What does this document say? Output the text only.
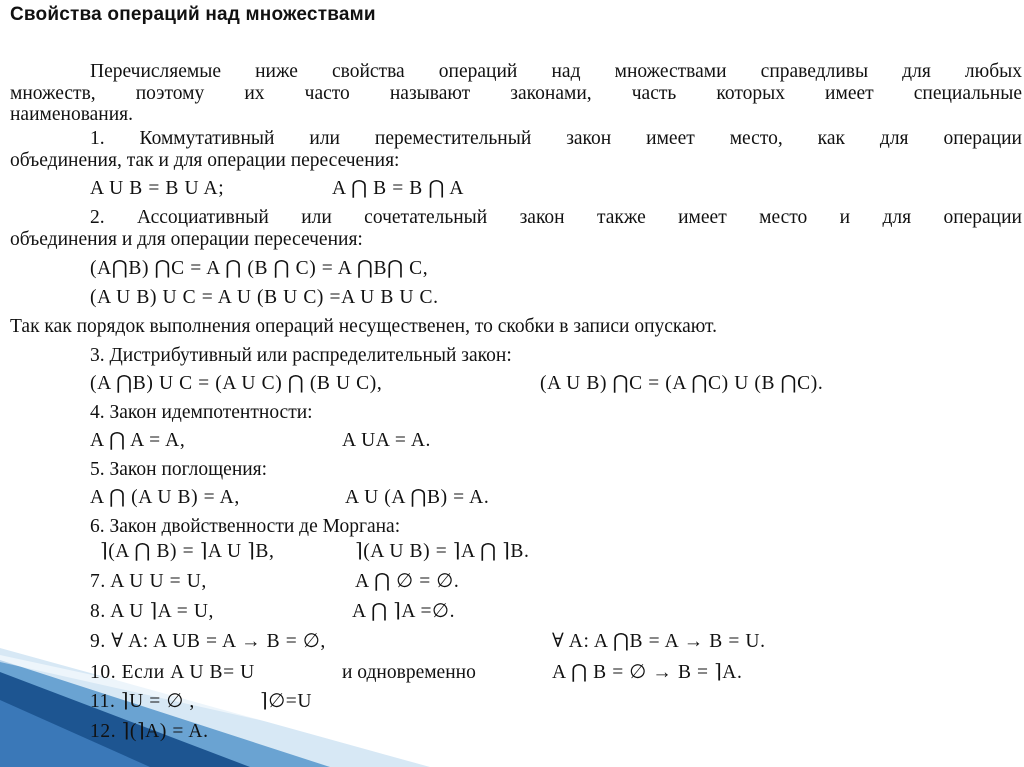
Свойства операций над множествами

Перечисляемые ниже свойства операций над множествами справедливы для любых

множеств, поэтому их часто называют законами, часть которых имеет специальные

наименования.

1. Коммутативный или переместительный закон имеет место, как для операции

объединения, так и для операции пересечения:

A U B = B U A;	A ⋂ B = B ⋂ A

2. Ассоциативный или сочетательный закон также имеет место и для операции

объединения и для операции пересечения:

(A⋂B) ⋂C = A ⋂ (B ⋂ C) = A ⋂B⋂ C,

(A U B) U C = A U (B U C) =A U B U C.

Так как порядок выполнения операций несущественен, то скобки в записи опускают.

3. Дистрибутивный или распределительный закон:

(A ⋂B) U C = (A U C) ⋂ (B U C),	(A U B) ⋂C = (A ⋂C) U (B ⋂C).

4. Закон идемпотентности:

A ⋂ A = A,	A UA = A.

5. Закон поглощения:

A ⋂ (A U B) = A,	A U (A ⋂B) = A.

6. Закон двойственности де Моргана:

⌉(A ⋂ B) = ⌉A U ⌉B,	⌉(A U B) = ⌉A ⋂ ⌉B.

7. A U U = U,	A ⋂ ∅ = ∅.

8. A U ⌉A = U,	A ⋂ ⌉A =∅.

9. ∀ A: A UB = A → B = ∅,	∀ A: A ⋂B = A → B = U.

10. Если A U B= U	и одновременно	A ⋂ B = ∅ → B = ⌉A.

11. ⌉U = ∅ ,	⌉∅=U

12. ⌉(⌉A) = A.
